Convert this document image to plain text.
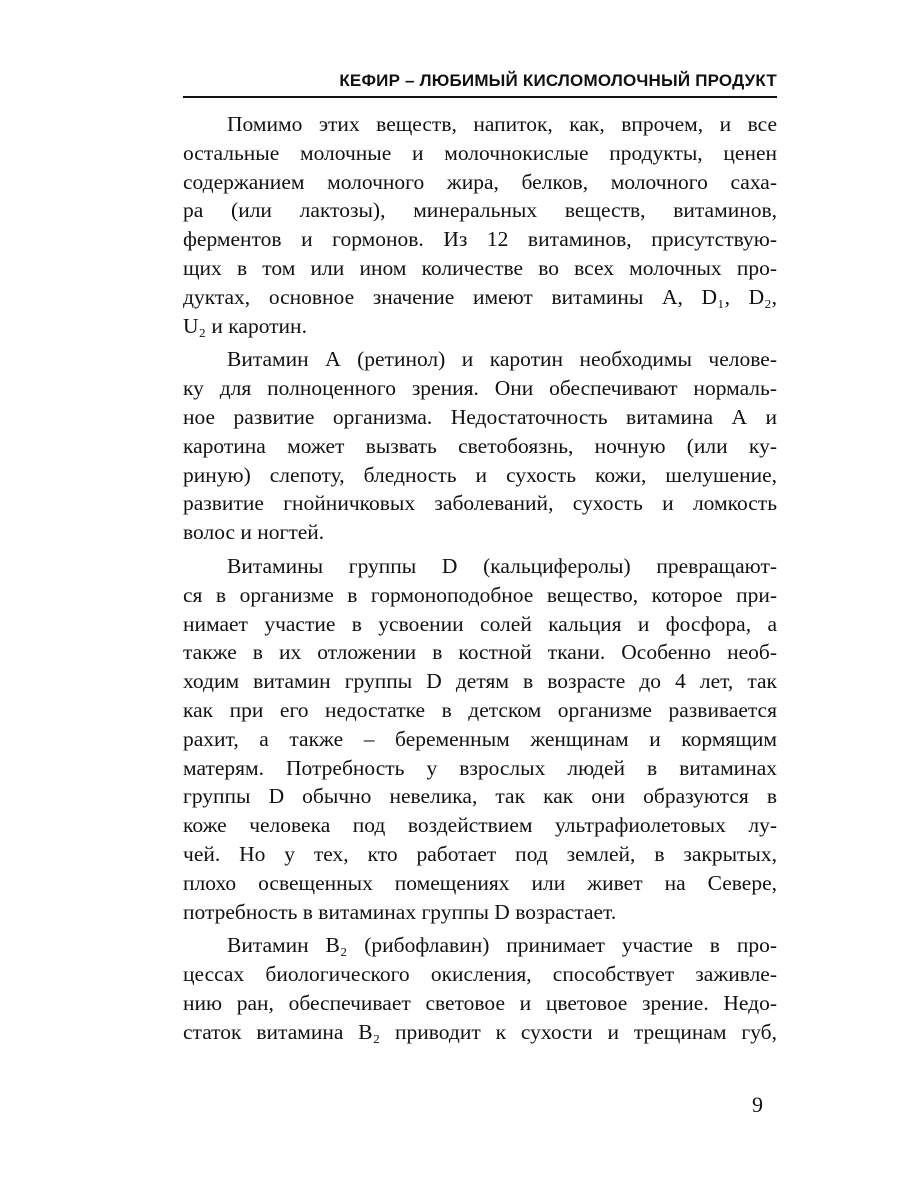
КЕФИР – ЛЮБИМЫЙ КИСЛОМОЛОЧНЫЙ ПРОДУКТ
Помимо этих веществ, напиток, как, впрочем, и все
остальные молочные и молочнокислые продукты, ценен
содержанием молочного жира, белков, молочного саха-
ра (или лактозы), минеральных веществ, витаминов,
ферментов и гормонов. Из 12 витаминов, присутствую-
щих в том или ином количестве во всех молочных про-
дуктах, основное значение имеют витамины А, D₁, D₂,
U₂ и каротин.
Витамин А (ретинол) и каротин необходимы челове-
ку для полноценного зрения. Они обеспечивают нормаль-
ное развитие организма. Недостаточность витамина А и
каротина может вызвать светобоязнь, ночную (или ку-
риную) слепоту, бледность и сухость кожи, шелушение,
развитие гнойничковых заболеваний, сухость и ломкость
волос и ногтей.
Витамины группы D (кальциферолы) превращают-
ся в организме в гормоноподобное вещество, которое при-
нимает участие в усвоении солей кальция и фосфора, а
также в их отложении в костной ткани. Особенно необ-
ходим витамин группы D детям в возрасте до 4 лет, так
как при его недостатке в детском организме развивается
рахит, а также – беременным женщинам и кормящим
матерям. Потребность у взрослых людей в витаминах
группы D обычно невелика, так как они образуются в
коже человека под воздействием ультрафиолетовых лу-
чей. Но у тех, кто работает под землей, в закрытых,
плохо освещенных помещениях или живет на Севере,
потребность в витаминах группы D возрастает.
Витамин B₂ (рибофлавин) принимает участие в про-
цессах биологического окисления, способствует заживле-
нию ран, обеспечивает световое и цветовое зрение. Недо-
статок витамина B₂ приводит к сухости и трещинам губ,
9
